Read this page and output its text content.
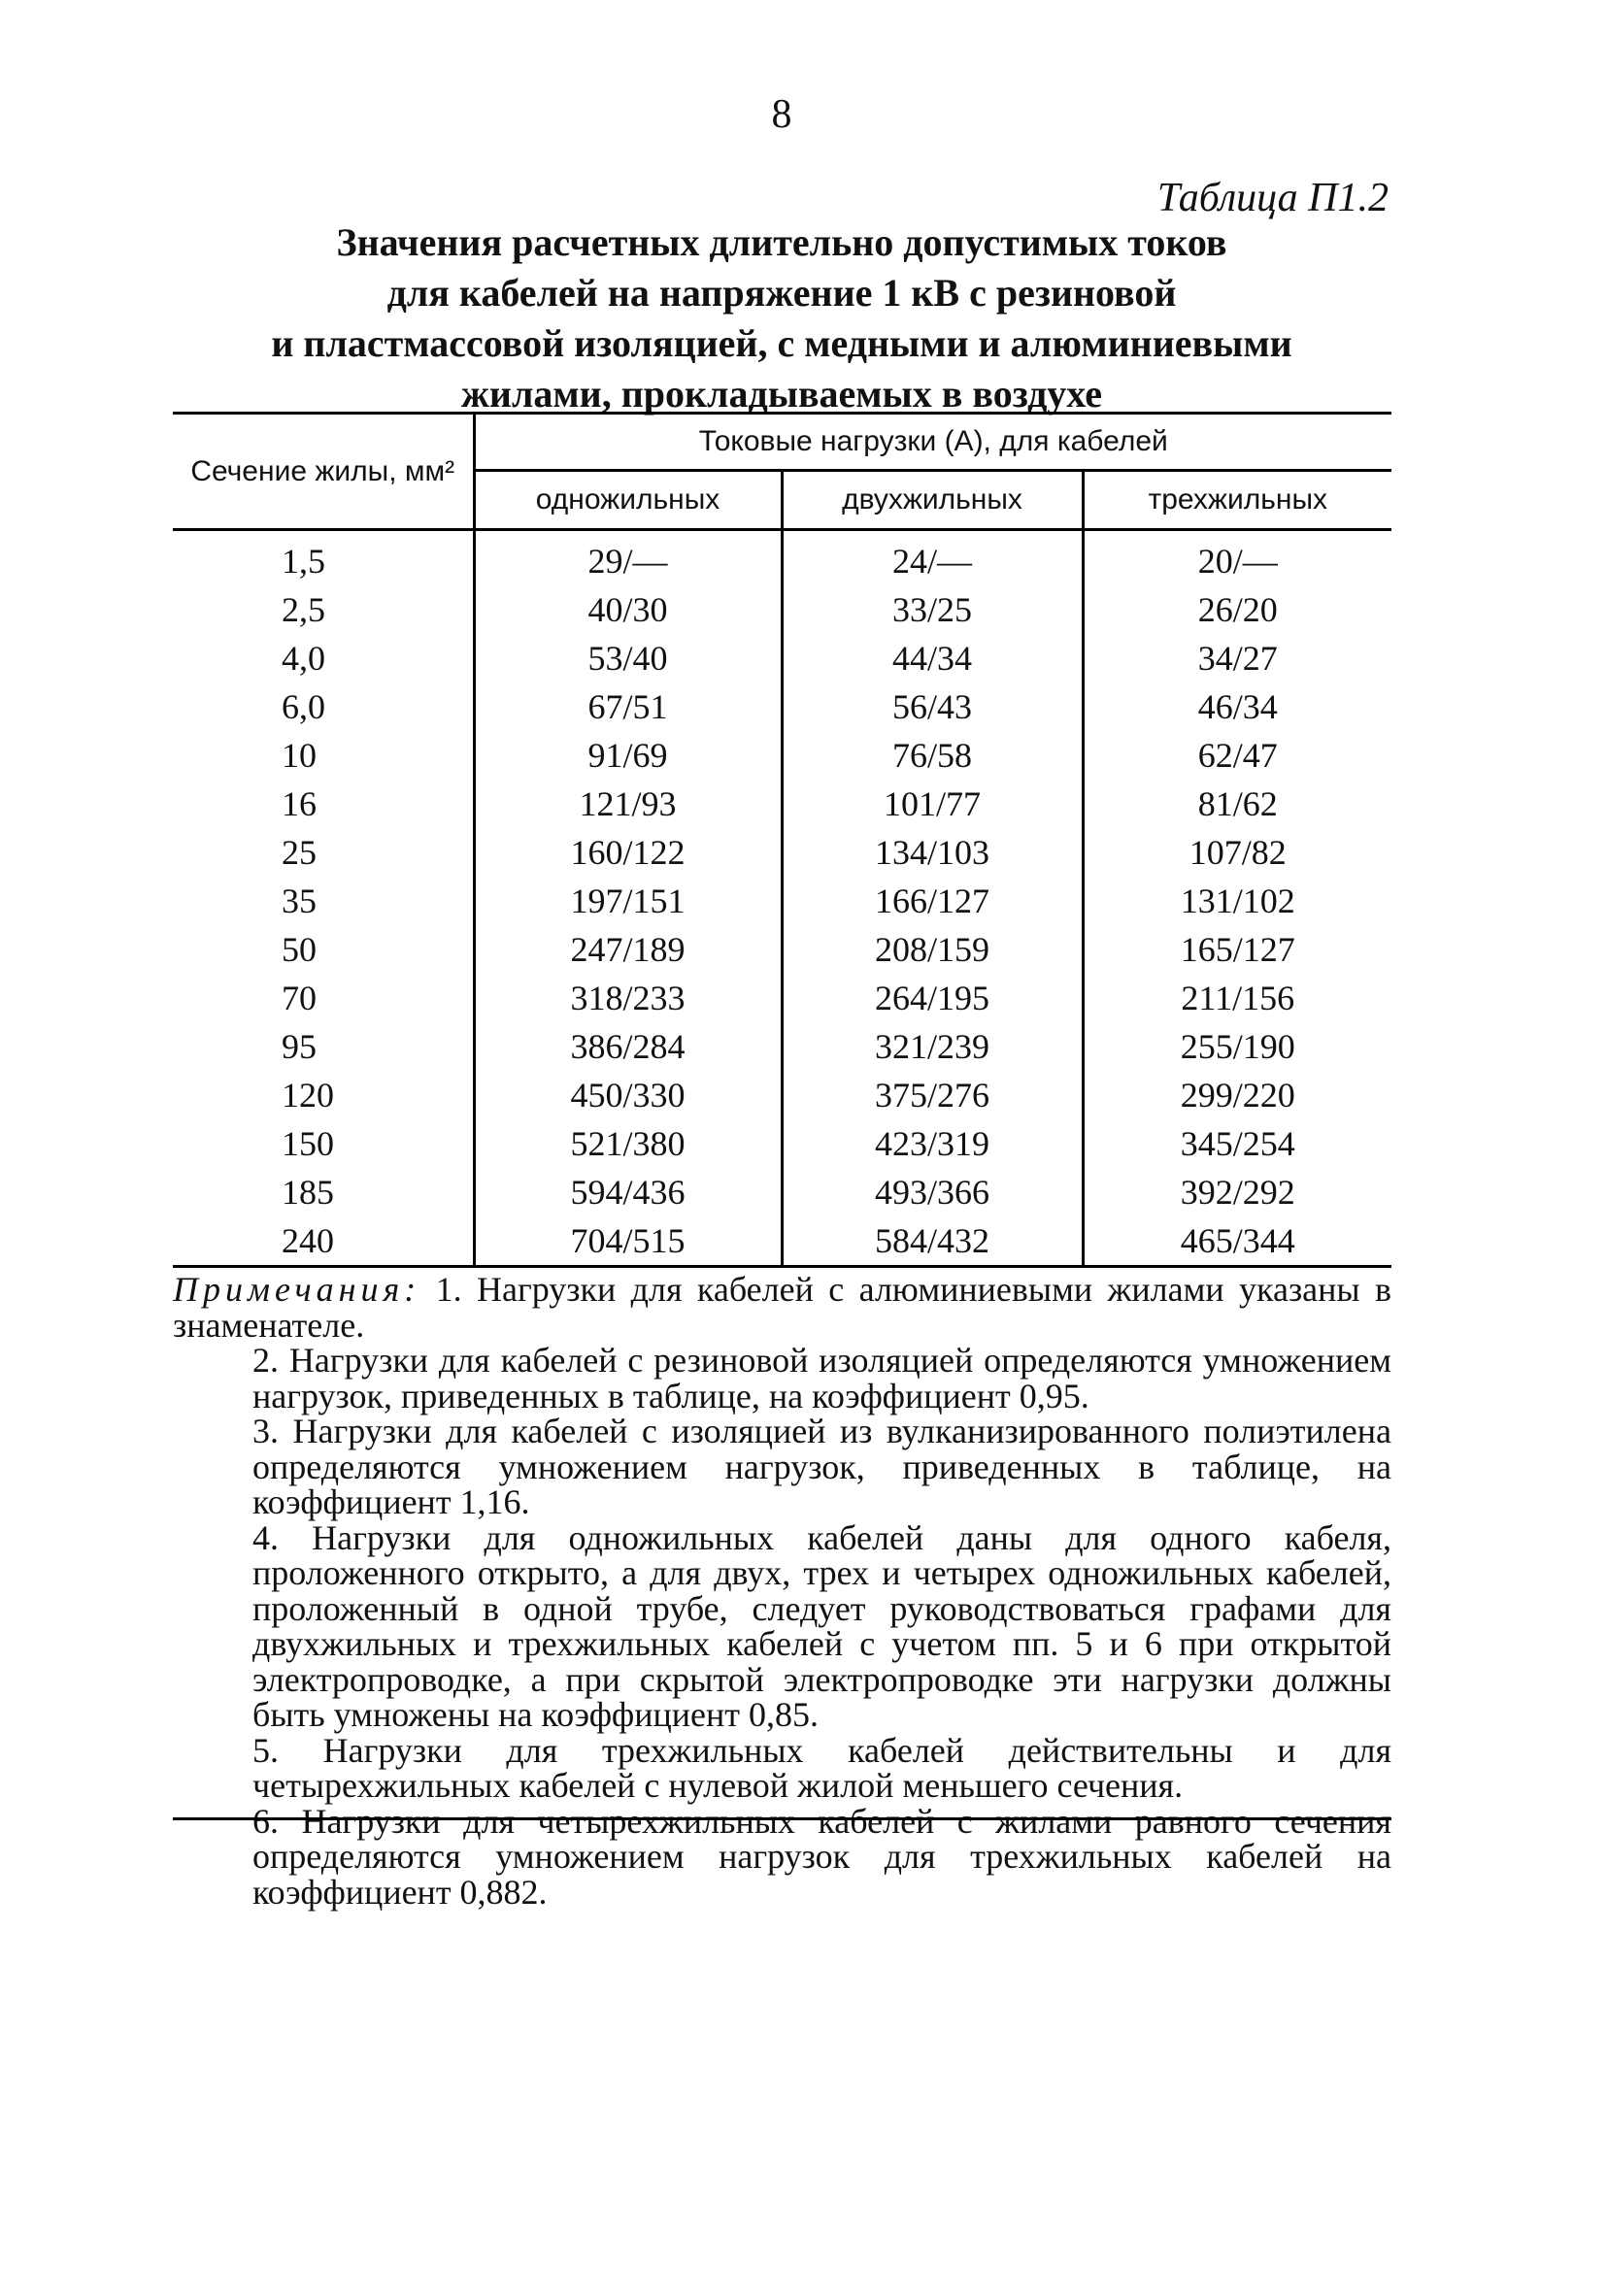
8
Таблица П1.2
Значения расчетных длительно допустимых токов
для кабелей на напряжение 1 кВ с резиновой
и пластмассовой изоляцией, с медными и алюминиевыми
жилами, прокладываемых в воздухе
Сечение жилы, мм²	Токовые нагрузки (А), для кабелей		
	одножильных	двухжильных	трехжильных
1,5	29/—	24/—	20/—
2,5	40/30	33/25	26/20
4,0	53/40	44/34	34/27
6,0	67/51	56/43	46/34
10	91/69	76/58	62/47
16	121/93	101/77	81/62
25	160/122	134/103	107/82
35	197/151	166/127	131/102
50	247/189	208/159	165/127
70	318/233	264/195	211/156
95	386/284	321/239	255/190
120	450/330	375/276	299/220
150	521/380	423/319	345/254
185	594/436	493/366	392/292
240	704/515	584/432	465/344

Примечания: 1. Нагрузки для кабелей с алюминиевыми жилами указаны в знаменателе.

2. Нагрузки для кабелей с резиновой изоляцией определяются умножением нагрузок, приведенных в таблице, на коэффициент 0,95.

3. Нагрузки для кабелей с изоляцией из вулканизированного полиэтилена определяются умножением нагрузок, приведенных в таблице, на коэффициент 1,16.

4. Нагрузки для одножильных кабелей даны для одного кабеля, проложенного открыто, а для двух, трех и четырех одножильных кабелей, проложенный в одной трубе, следует руководствоваться графами для двухжильных и трехжильных кабелей с учетом пп. 5 и 6 при открытой электропроводке, а при скрытой электропроводке эти нагрузки должны быть умножены на коэффициент 0,85.

5. Нагрузки для трехжильных кабелей действительны и для четырехжильных кабелей с нулевой жилой меньшего сечения.

6. Нагрузки для четырехжильных кабелей с жилами равного сечения определяются умножением нагрузок для трехжильных кабелей на коэффициент 0,882.
